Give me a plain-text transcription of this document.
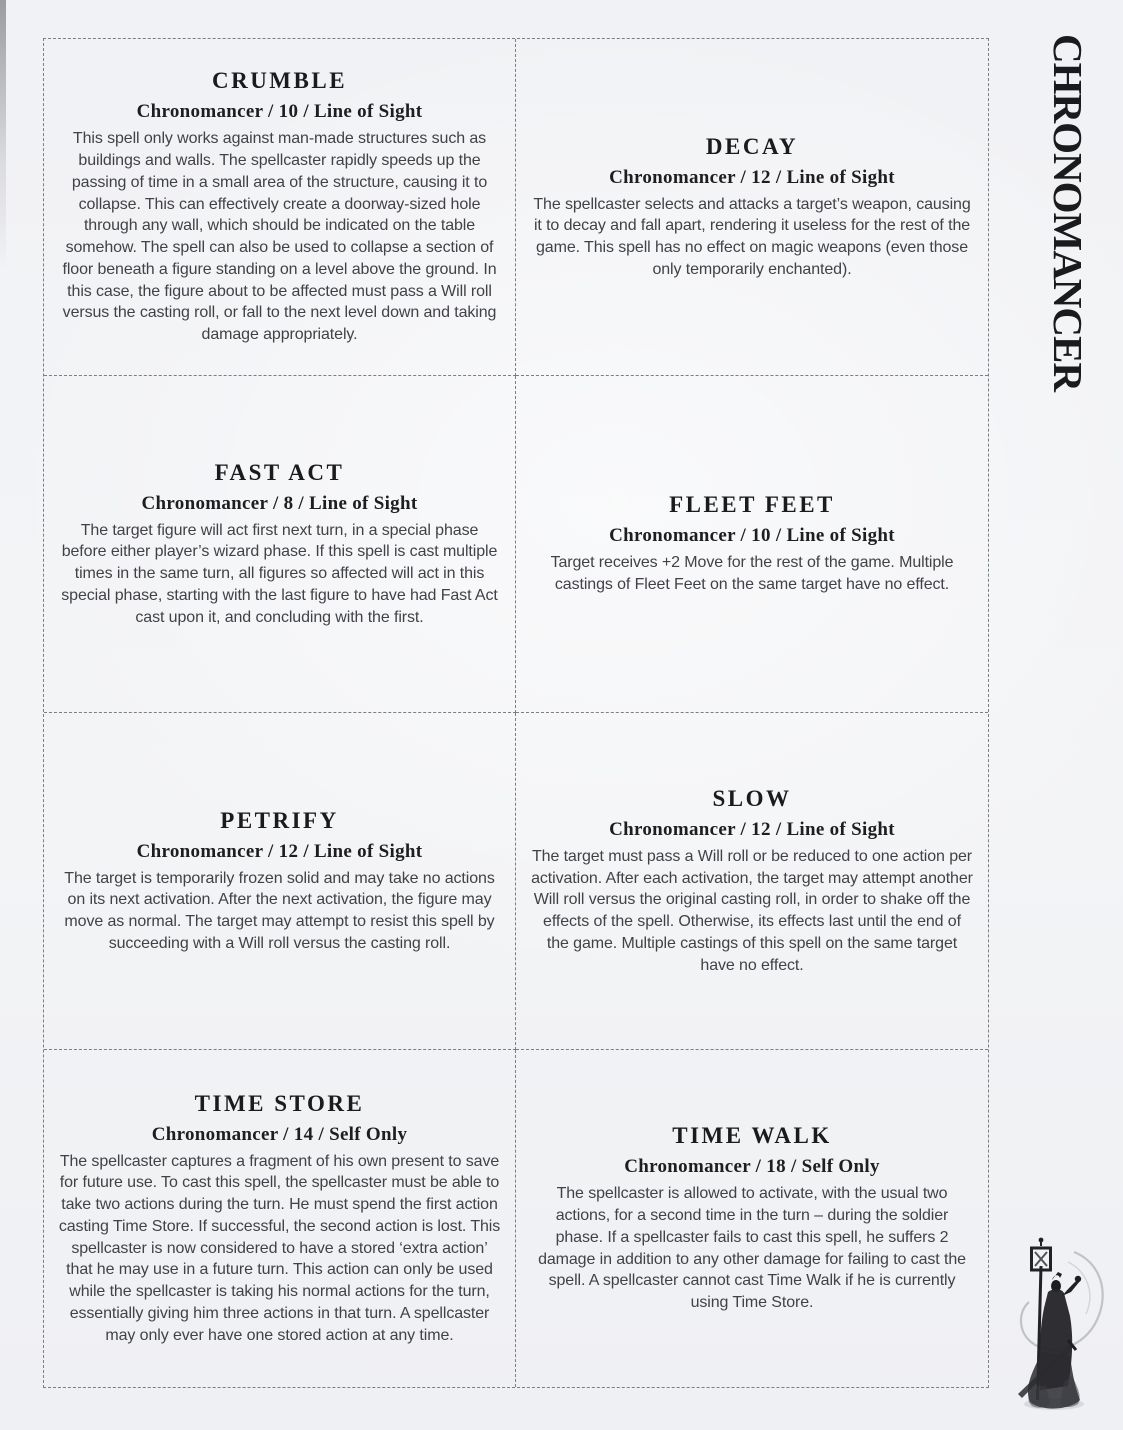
CRUMBLE
Chronomancer / 10 / Line of Sight

This spell only works against man-made structures such as buildings and walls. The spellcaster rapidly speeds up the passing of time in a small area of the structure, causing it to collapse. This can effectively create a doorway-sized hole through any wall, which should be indicated on the table somehow. The spell can also be used to collapse a section of floor beneath a figure standing on a level above the ground. In this case, the figure about to be affected must pass a Will roll versus the casting roll, or fall to the next level down and taking damage appropriately.

DECAY
Chronomancer / 12 / Line of Sight

The spellcaster selects and attacks a target’s weapon, causing it to decay and fall apart, rendering it useless for the rest of the game. This spell has no effect on magic weapons (even those only temporarily enchanted).

FAST ACT
Chronomancer / 8 / Line of Sight

The target figure will act first next turn, in a special phase before either player’s wizard phase. If this spell is cast multiple times in the same turn, all figures so affected will act in this special phase, starting with the last figure to have had Fast Act cast upon it, and concluding with the first.

FLEET FEET
Chronomancer / 10 / Line of Sight

Target receives +2 Move for the rest of the game. Multiple castings of Fleet Feet on the same target have no effect.

PETRIFY
Chronomancer / 12 / Line of Sight

The target is temporarily frozen solid and may take no actions on its next activation. After the next activation, the figure may move as normal. The target may attempt to resist this spell by succeeding with a Will roll versus the casting roll.

SLOW
Chronomancer / 12 / Line of Sight

The target must pass a Will roll or be reduced to one action per activation. After each activation, the target may attempt another Will roll versus the original casting roll, in order to shake off the effects of the spell. Otherwise, its effects last until the end of the game. Multiple castings of this spell on the same target have no effect.

TIME STORE
Chronomancer / 14 / Self Only

The spellcaster captures a fragment of his own present to save for future use. To cast this spell, the spellcaster must be able to take two actions during the turn. He must spend the first action casting Time Store. If successful, the second action is lost. This spellcaster is now considered to have a stored ‘extra action’ that he may use in a future turn. This action can only be used while the spellcaster is taking his normal actions for the turn, essentially giving him three actions in that turn. A spellcaster may only ever have one stored action at any time.

TIME WALK
Chronomancer / 18 / Self Only

The spellcaster is allowed to activate, with the usual two actions, for a second time in the turn – during the soldier phase. If a spellcaster fails to cast this spell, he suffers 2 damage in addition to any other damage for failing to cast the spell. A spellcaster cannot cast Time Walk if he is currently using Time Store.

CHRONOMANCER
